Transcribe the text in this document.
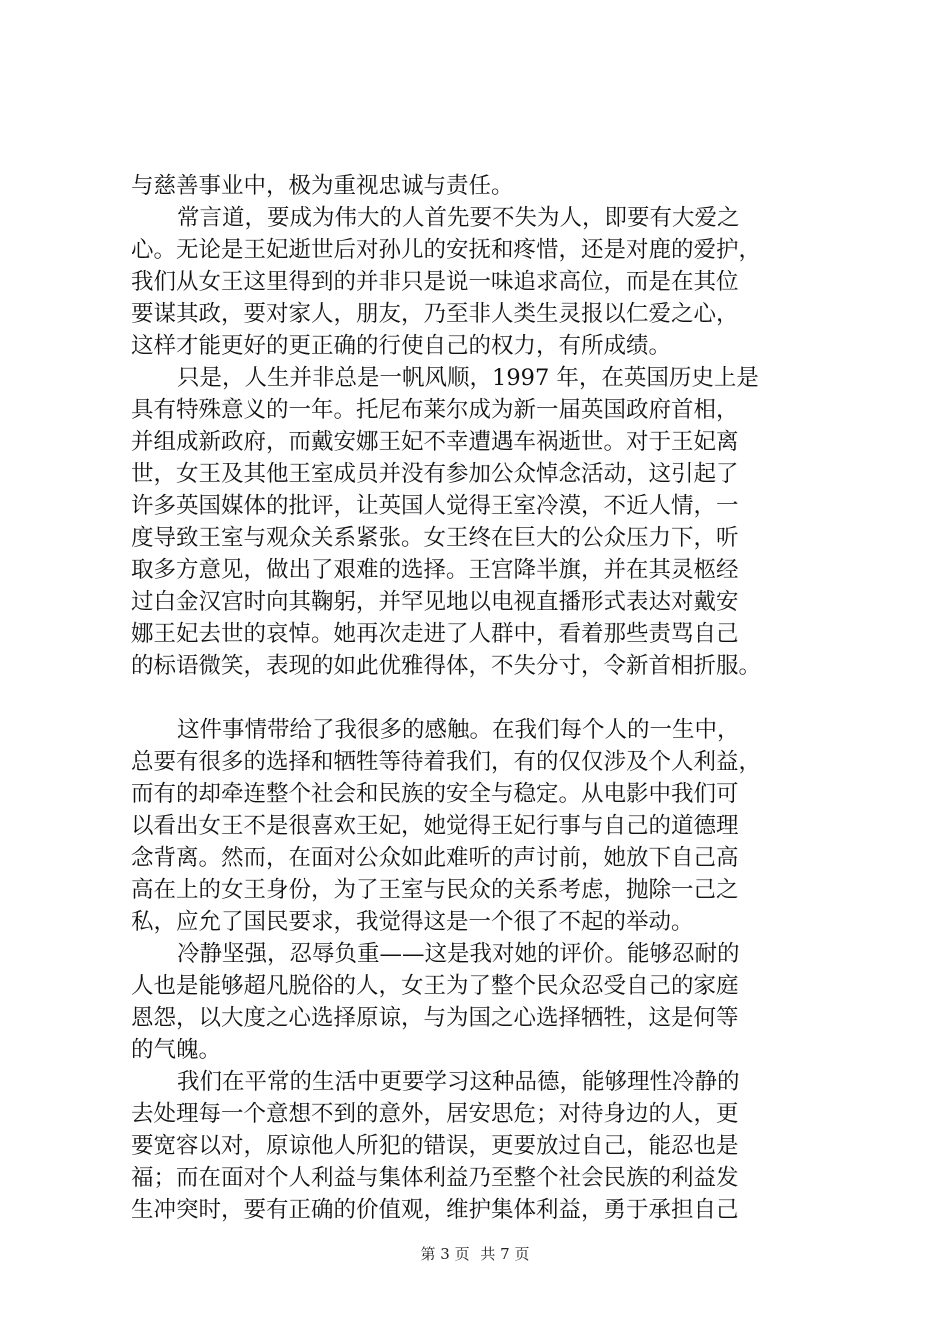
与慈善事业中，极为重视忠诚与责任。
常言道，要成为伟大的人首先要不失为人，即要有大爱之
心。无论是王妃逝世后对孙儿的安抚和疼惜，还是对鹿的爱护，
我们从女王这里得到的并非只是说一味追求高位，而是在其位
要谋其政，要对家人，朋友，乃至非人类生灵报以仁爱之心，
这样才能更好的更正确的行使自己的权力，有所成绩。
只是，人生并非总是一帆风顺，1997 年，在英国历史上是
具有特殊意义的一年。托尼布莱尔成为新一届英国政府首相，
并组成新政府，而戴安娜王妃不幸遭遇车祸逝世。对于王妃离
世，女王及其他王室成员并没有参加公众悼念活动，这引起了
许多英国媒体的批评，让英国人觉得王室冷漠，不近人情，一
度导致王室与观众关系紧张。女王终在巨大的公众压力下，听
取多方意见，做出了艰难的选择。王宫降半旗，并在其灵柩经
过白金汉宫时向其鞠躬，并罕见地以电视直播形式表达对戴安
娜王妃去世的哀悼。她再次走进了人群中，看着那些责骂自己
的标语微笑，表现的如此优雅得体，不失分寸，令新首相折服。
这件事情带给了我很多的感触。在我们每个人的一生中，
总要有很多的选择和牺牲等待着我们，有的仅仅涉及个人利益，
而有的却牵连整个社会和民族的安全与稳定。从电影中我们可
以看出女王不是很喜欢王妃，她觉得王妃行事与自己的道德理
念背离。然而，在面对公众如此难听的声讨前，她放下自己高
高在上的女王身份，为了王室与民众的关系考虑，抛除一己之
私，应允了国民要求，我觉得这是一个很了不起的举动。
冷静坚强，忍辱负重——这是我对她的评价。能够忍耐的
人也是能够超凡脱俗的人，女王为了整个民众忍受自己的家庭
恩怨，以大度之心选择原谅，与为国之心选择牺牲，这是何等
的气魄。
我们在平常的生活中更要学习这种品德，能够理性冷静的
去处理每一个意想不到的意外，居安思危；对待身边的人，更
要宽容以对，原谅他人所犯的错误，更要放过自己，能忍也是
福；而在面对个人利益与集体利益乃至整个社会民族的利益发
生冲突时，要有正确的价值观，维护集体利益，勇于承担自己
第 3 页 共 7 页
